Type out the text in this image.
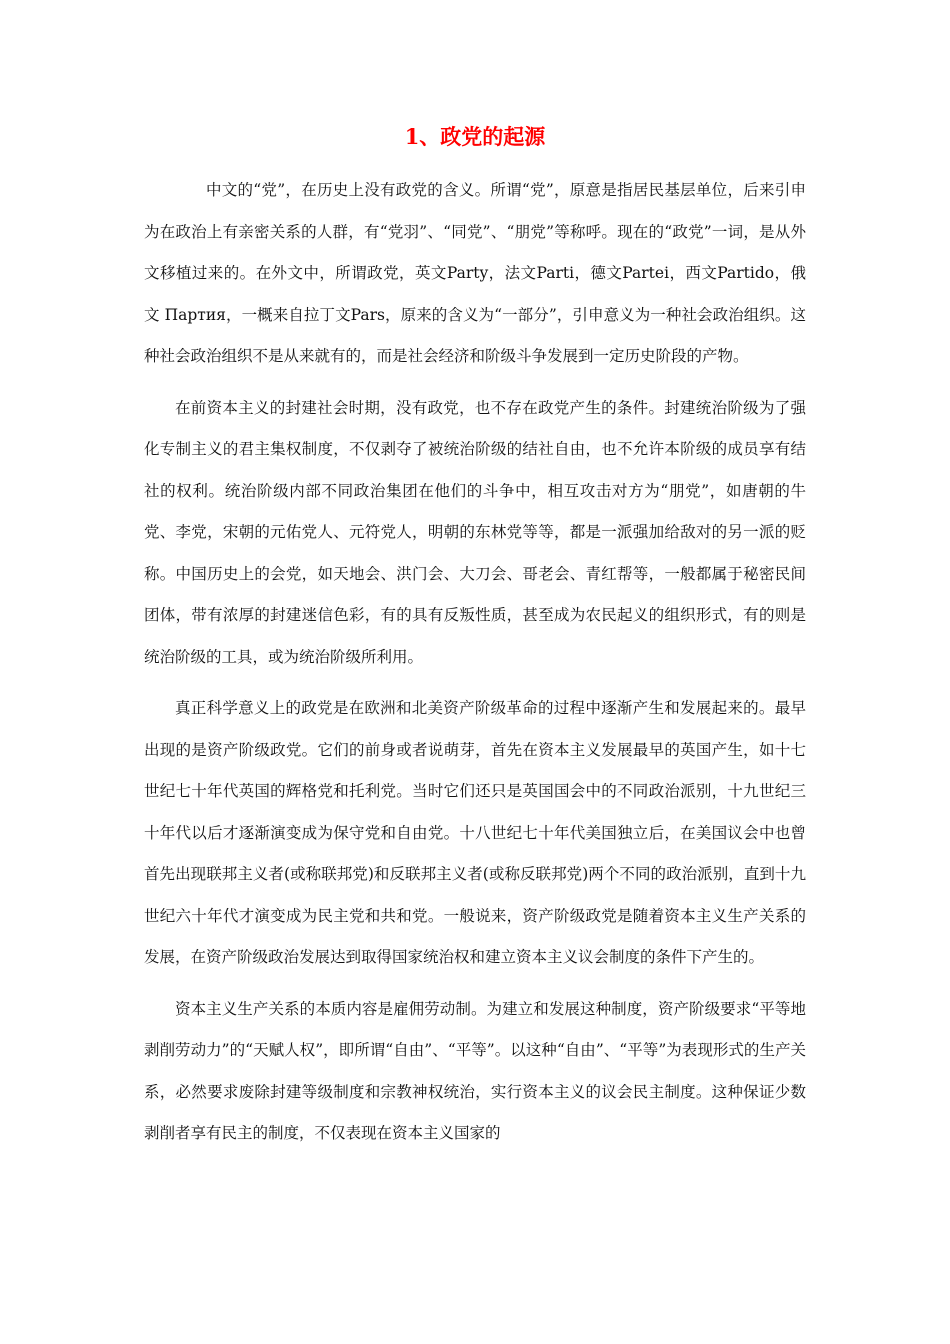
1、政党的起源

中文的“党”，在历史上没有政党的含义。所谓“党”，原意是指居民基层单位，后来引申为在政治上有亲密关系的人群，有“党羽”、“同党”、“朋党”等称呼。现在的“政党”一词，是从外文移植过来的。在外文中，所谓政党，英文Party，法文Parti，德文Partei，西文Partido，俄文 Партия，一概来自拉丁文Pars，原来的含义为“一部分”，引申意义为一种社会政治组织。这种社会政治组织不是从来就有的，而是社会经济和阶级斗争发展到一定历史阶段的产物。

在前资本主义的封建社会时期，没有政党，也不存在政党产生的条件。封建统治阶级为了强化专制主义的君主集权制度，不仅剥夺了被统治阶级的结社自由，也不允许本阶级的成员享有结社的权利。统治阶级内部不同政治集团在他们的斗争中，相互攻击对方为“朋党”，如唐朝的牛党、李党，宋朝的元佑党人、元符党人，明朝的东林党等等，都是一派强加给敌对的另一派的贬称。中国历史上的会党，如天地会、洪门会、大刀会、哥老会、青红帮等，一般都属于秘密民间团体，带有浓厚的封建迷信色彩，有的具有反叛性质，甚至成为农民起义的组织形式，有的则是统治阶级的工具，或为统治阶级所利用。

真正科学意义上的政党是在欧洲和北美资产阶级革命的过程中逐渐产生和发展起来的。最早出现的是资产阶级政党。它们的前身或者说萌芽，首先在资本主义发展最早的英国产生，如十七世纪七十年代英国的辉格党和托利党。当时它们还只是英国国会中的不同政治派别，十九世纪三十年代以后才逐渐演变成为保守党和自由党。十八世纪七十年代美国独立后，在美国议会中也曾首先出现联邦主义者(或称联邦党)和反联邦主义者(或称反联邦党)两个不同的政治派别，直到十九世纪六十年代才演变成为民主党和共和党。一般说来，资产阶级政党是随着资本主义生产关系的发展，在资产阶级政治发展达到取得国家统治权和建立资本主义议会制度的条件下产生的。

资本主义生产关系的本质内容是雇佣劳动制。为建立和发展这种制度，资产阶级要求“平等地剥削劳动力”的“天赋人权”，即所谓“自由”、“平等”。以这种“自由”、“平等”为表现形式的生产关系，必然要求废除封建等级制度和宗教神权统治，实行资本主义的议会民主制度。这种保证少数剥削者享有民主的制度，不仅表现在资本主义国家的
